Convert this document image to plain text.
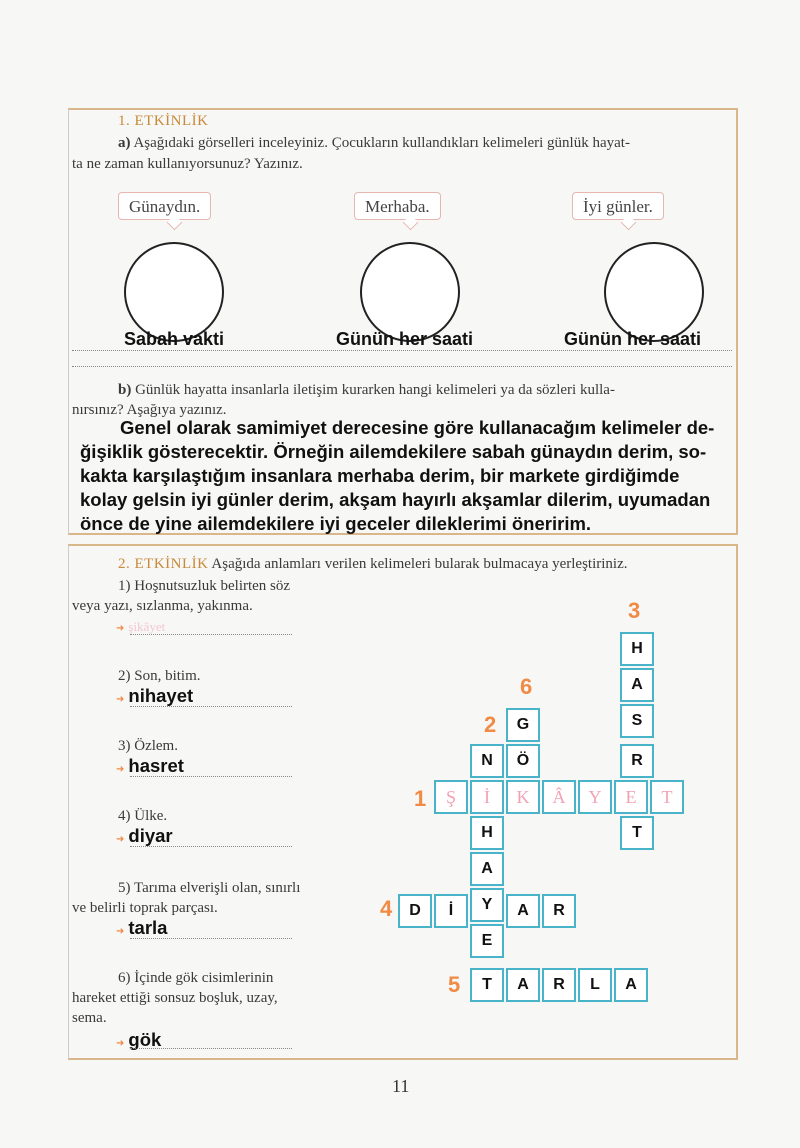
1. ETKİNLİK
a) Aşağıdaki görselleri inceleyiniz. Çocukların kullandıkları kelimeleri günlük hayat-
ta ne zaman kullanıyorsunuz? Yazınız.
Günaydın.	Merhaba.	İyi günler.
Sabah vakti	Günün her saati	Günün her saati
b) Günlük hayatta insanlarla iletişim kurarken hangi kelimeleri ya da sözleri kulla-
nırsınız? Aşağıya yazınız.
Genel olarak samimiyet derecesine göre kullanacağım kelimeler de-
ğişiklik gösterecektir. Örneğin ailemdekilere sabah günaydın derim, so-
kakta karşılaştığım insanlara merhaba derim, bir markete girdiğimde
kolay gelsin iyi günler derim, akşam hayırlı akşamlar dilerim, uyumadan
önce de yine ailemdekilere iyi geceler dileklerimi öneririm.
2. ETKİNLİK Aşağıda anlamları verilen kelimeleri bularak bulmacaya yerleştiriniz.
1) Hoşnutsuzluk belirten söz
veya yazı, sızlanma, yakınma.
➜ şikâyet
2) Son, bitim.
➜ nihayet
3) Özlem.
➜ hasret
4) Ülke.
➜ diyar
5) Tarıma elverişli olan, sınırlı
ve belirli toprak parçası.
➜ tarla
6) İçinde gök cisimlerinin
hareket ettiği sonsuz boşluk, uzay,
sema.
➜ gök
Ş	İ	K	Â	Y	E	T
N
H
A
Y
E
H
A
S
R
T
D	İ	A	R
T	A	R	L	A
G
Ö
1
2
3
4
5
6
11
